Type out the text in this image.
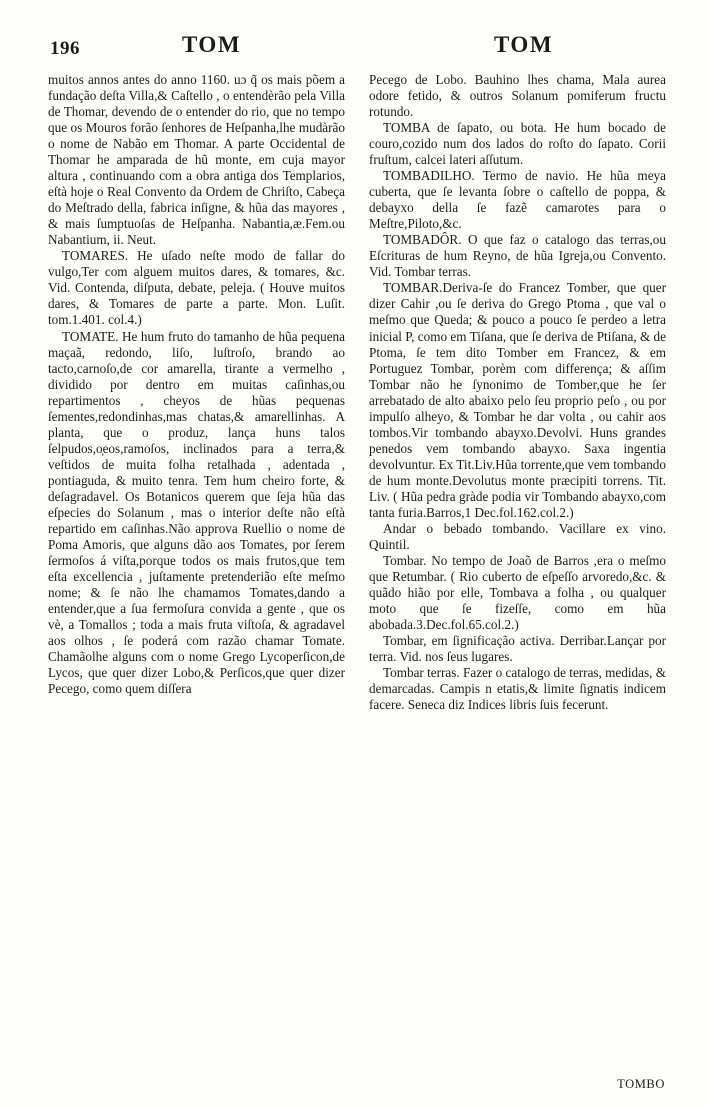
196	TOM	TOM

muitos annos antes do anno 1160. uɔ q̃ os mais põem a fundação deſta Villa,& Caſtello , o entendèrão pela Villa de Thomar, devendo de o entender do rio, que no tempo que os Mouros forão ſenhores de Heſpanha,lhe mudàrão o nome de Nabão em Thomar. A parte Occidental de Thomar he amparada de hũ monte, em cuja mayor altura , continuando com a obra antiga dos Templarios, eſtà hoje o Real Convento da Ordem de Chriſto, Cabeça do Meſtrado della, fabrica inſigne, & hũa das mayores , & mais ſumptuoſas de Heſpanha. Nabantia,æ.Fem.ou Nabantium, ii. Neut.

TOMARES. He uſado neſte modo de fallar do vulgo,Ter com alguem muitos dares, & tomares, &c. Vid. Contenda, diſputa, debate, peleja. ( Houve muitos dares, & Tomares de parte a parte. Mon. Luſit. tom.1.401. col.4.)

TOMATE. He hum fruto do tamanho de hũa pequena maçaã, redondo, liſo, luſtroſo, brando ao tacto,carnoſo,de cor amarella, tirante a vermelho , dividido por dentro em muitas caſinhas,ou repartimentos , cheyos de hũas pequenas ſementes,redondinhas,mas chatas,& amarellinhas. A planta, que o produz, lança huns talos ſelpudos,o̦eos,ramoſos, inclinados para a terra,& veſtidos de muita folha retalhada , adentada , pontiaguda, & muito tenra. Tem hum cheiro forte, & deſagradavel. Os Botanicos querem que ſeja hũa das eſpecies do Solanum , mas o interior deſte não eſtà repartido em caſinhas.Não approva Ruellio o nome de Poma Amoris, que alguns dão aos Tomates, por ſerem ſermoſos á viſta,porque todos os mais frutos,que tem eſta excellencia , juſtamente pretenderião eſte meſmo nome; & ſe não lhe chamamos Tomates,dando a entender,que a ſua fermoſura convida a gente , que os vè, a Tomallos ; toda a mais fruta viſtoſa, & agradavel aos olhos , ſe poderá com razão chamar Tomate. Chamãolhe alguns com o nome Grego Lycoperſicon,de Lycos, que quer dizer Lobo,& Perſicos,que quer dizer Pecego, como quem diſſera

Pecego de Lobo. Bauhino lhes chama, Mala aurea odore fetido, & outros Solanum pomiferum fructu rotundo.

TOMBA de ſapato, ou bota. He hum bocado de couro,cozido num dos lados do roſto do ſapato. Corii fruſtum, calcei lateri aſſutum.

TOMBADILHO. Termo de navio. He hũa meya cuberta, que ſe levanta ſobre o caſtello de poppa, & debayxo della ſe fazẽ camarotes para o Meſtre,Piloto,&c.

TOMBADÔR. O que faz o catalogo das terras,ou Eſcrituras de hum Reyno, de hũa Igreja,ou Convento. Vid. Tombar terras.

TOMBAR.Deriva-ſe do Francez Tomber, que quer dizer Cahir ,ou ſe deriva do Grego Ptoma , que val o meſmo que Queda; & pouco a pouco ſe perdeo a letra inicial P, como em Tiſana, que ſe deriva de Ptiſana, & de Ptoma, ſe tem dito Tomber em Francez, & em Portuguez Tombar, porèm com differença; & aſſim Tombar não he ſynonimo de Tomber,que he ſer arrebatado de alto abaixo pelo ſeu proprio peſo , ou por impulſo alheyo, & Tombar he dar volta , ou cahir aos tombos.Vir tombando abayxo.Devolvi. Huns grandes penedos vem tombando abayxo. Saxa ingentia devolvuntur. Ex Tit.Liv.Hũa torrente,que vem tombando de hum monte.Devolutus monte præcipiti torrens. Tit. Liv. ( Hũa pedra gràde podia vir Tombando abayxo,com tanta furia.Barros,1 Dec.fol.162.col.2.)

Andar o bebado tombando. Vacillare ex vino. Quintil.

Tombar. No tempo de Joaõ de Barros ,era o meſmo que Retumbar. ( Rio cuberto de eſpeſſo arvoredo,&c. & quãdo hião por elle, Tombava a folha , ou qualquer moto que ſe fizeſſe, como em hũa abobada.3.Dec.fol.65.col.2.)

Tombar, em ſignificação activa. Derribar.Lançar por terra. Vid. nos ſeus lugares.

Tombar terras. Fazer o catalogo de terras, medidas, & demarcadas. Campis n etatis,& limite ſignatis indicem facere. Seneca diz Indices libris ſuis fecerunt.

TOMBO
